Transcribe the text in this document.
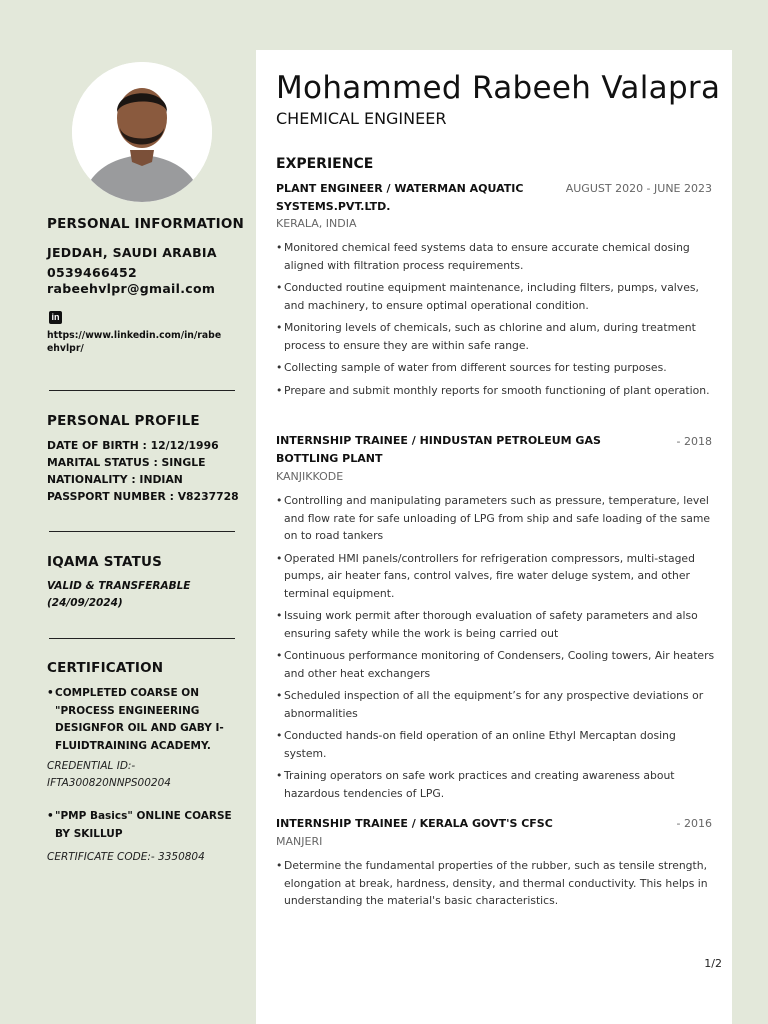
PERSONAL INFORMATION
JEDDAH, SAUDI ARABIA
0539466452
rabeehvlpr@gmail.com
in
https://www.linkedin.com/in/rabeehvlpr/
PERSONAL PROFILE
DATE OF BIRTH : 12/12/1996
MARITAL STATUS : SINGLE
NATIONALITY : INDIAN
PASSPORT NUMBER : V8237728
IQAMA STATUS
VALID & TRANSFERABLE
(24/09/2024)
CERTIFICATION
• COMPLETED COARSE ON "PROCESS ENGINEERING DESIGNFOR OIL AND GABY I-FLUIDTRAINING ACADEMY.
CREDENTIAL ID:- IFTA300820NNPS00204
• "PMP Basics" ONLINE COARSE BY SKILLUP
CERTIFICATE CODE:- 3350804
Mohammed Rabeeh Valapra
CHEMICAL ENGINEER
EXPERIENCE
PLANT ENGINEER / WATERMAN AQUATIC SYSTEMS.PVT.LTD.
AUGUST 2020 - JUNE 2023
KERALA, INDIA
• Monitored chemical feed systems data to ensure accurate chemical dosing aligned with filtration process requirements.
• Conducted routine equipment maintenance, including filters, pumps, valves, and machinery, to ensure optimal operational condition.
• Monitoring levels of chemicals, such as chlorine and alum, during treatment process to ensure they are within safe range.
• Collecting sample of water from different sources for testing purposes.
• Prepare and submit monthly reports for smooth functioning of plant operation.
INTERNSHIP TRAINEE / HINDUSTAN PETROLEUM GAS BOTTLING PLANT
- 2018
KANJIKKODE
• Controlling and manipulating parameters such as pressure, temperature, level and flow rate for safe unloading of LPG from ship and safe loading of the same on to road tankers
• Operated HMI panels/controllers for refrigeration compressors, multi-staged pumps, air heater fans, control valves, fire water deluge system, and other terminal equipment.
• Issuing work permit after thorough evaluation of safety parameters and also ensuring safety while the work is being carried out
• Continuous performance monitoring of Condensers, Cooling towers, Air heaters and other heat exchangers
• Scheduled inspection of all the equipment’s for any prospective deviations or abnormalities
• Conducted hands-on field operation of an online Ethyl Mercaptan dosing system.
• Training operators on safe work practices and creating awareness about hazardous tendencies of LPG.
INTERNSHIP TRAINEE / KERALA GOVT'S CFSC	- 2016
MANJERI
• Determine the fundamental properties of the rubber, such as tensile strength, elongation at break, hardness, density, and thermal conductivity. This helps in understanding the material's basic characteristics.
1/2
